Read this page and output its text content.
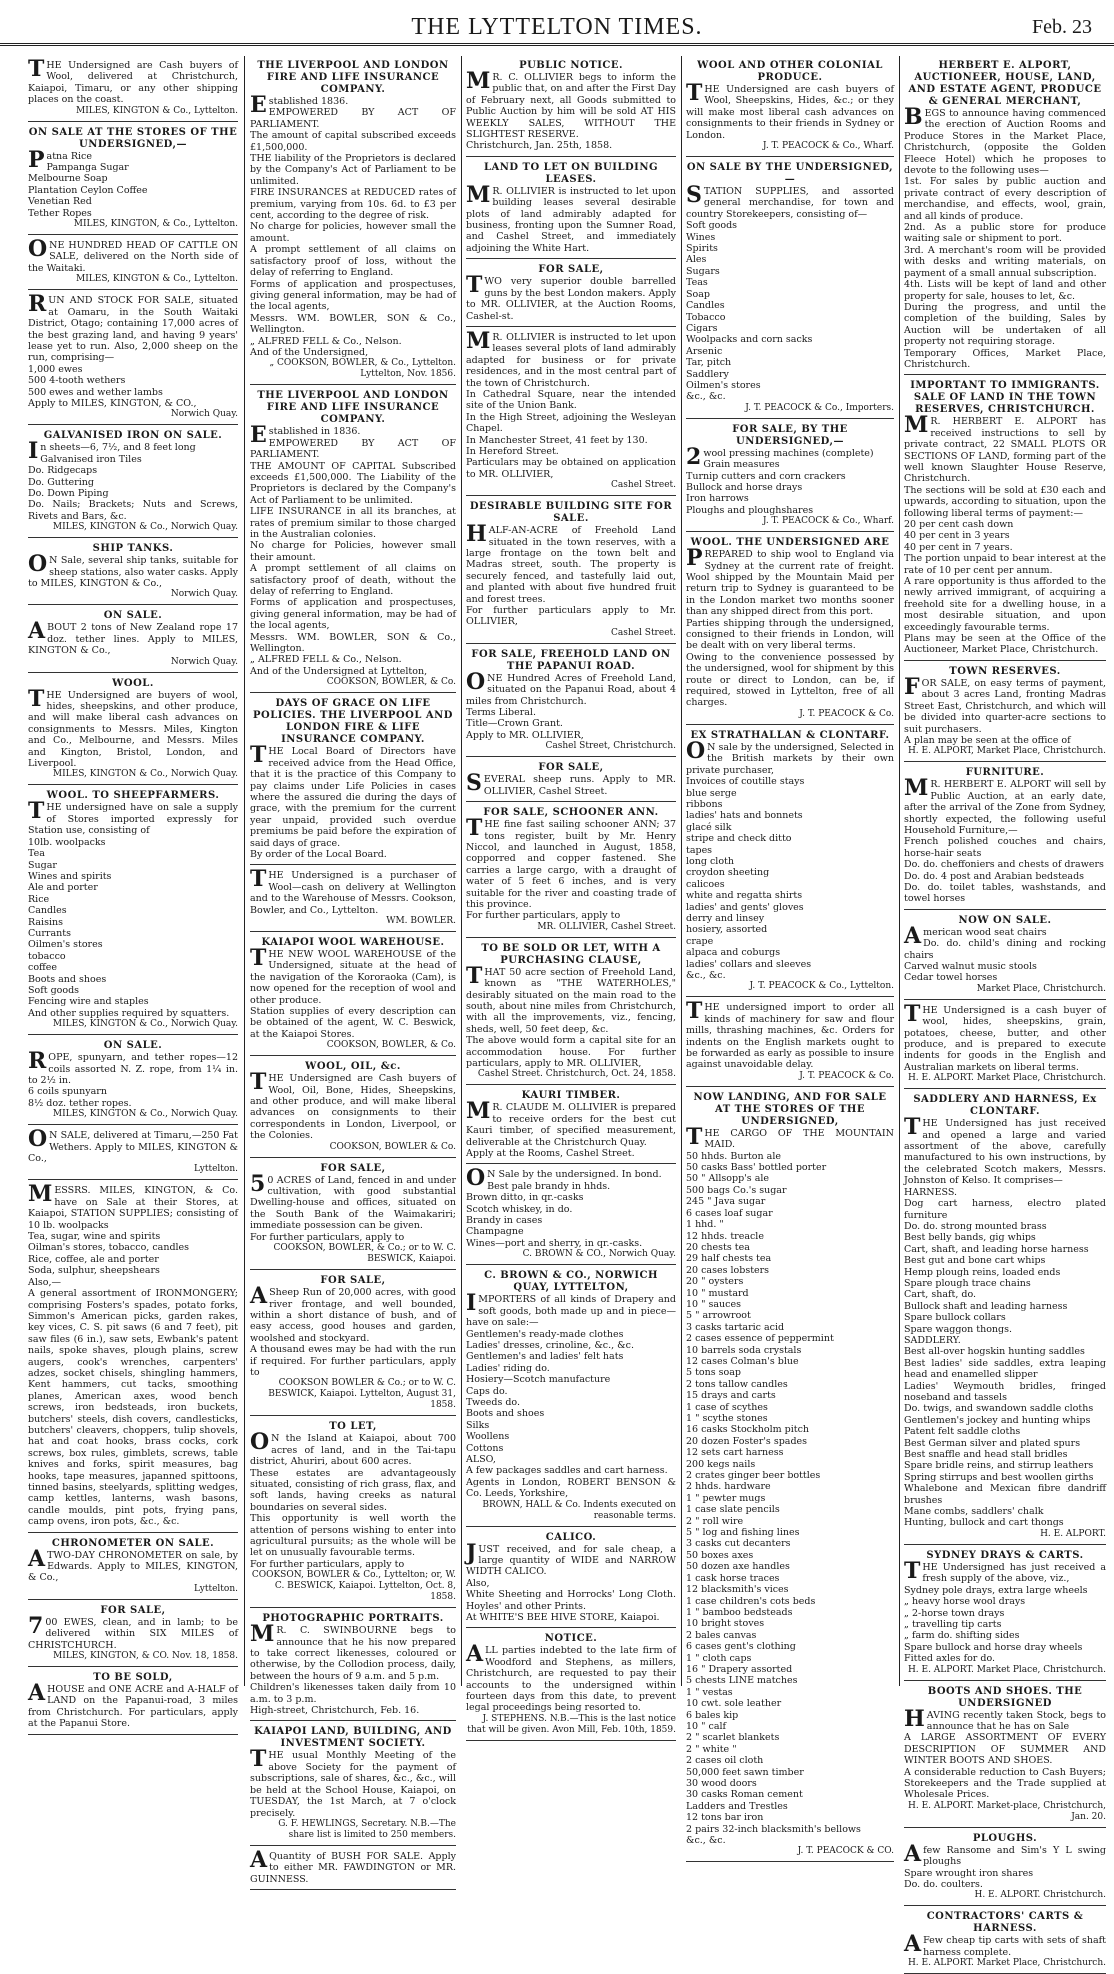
THE LYTTELTON TIMES.	Feb. 23
THE Undersigned are Cash buyers of Wool, delivered at Christchurch, Kaiapoi, Timaru, or any other shipping places on the coast.
MILES, KINGTON & Co., Lyttelton.
ON SALE AT THE STORES OF THE UNDERSIGNED,—
Patna Rice
Pampanga Sugar
Melbourne Soap
Plantation Ceylon Coffee
Venetian Red
Tether Ropes
MILES, KINGTON, & Co., Lyttelton.
ONE HUNDRED HEAD OF CATTLE ON SALE, delivered on the North side of the Waitaki.
MILES, KINGTON & Co., Lyttelton.
RUN AND STOCK FOR SALE, situated at Oamaru, in the South Waitaki District, Otago; containing 17,000 acres of the best grazing land, and having 9 years' lease yet to run. Also, 2,000 sheep on the run, comprising—
1,000 ewes
500 4-tooth wethers
500 ewes and wether lambs
Apply to MILES, KINGTON, & CO.,
Norwich Quay.
GALVANISED IRON ON SALE.
In sheets—6, 7½, and 8 feet long
Galvanised iron Tiles
Do. Ridgecaps
Do. Guttering
Do. Down Piping
Do. Nails; Brackets; Nuts and Screws, Rivets and Bars, &c.
MILES, KINGTON & Co., Norwich Quay.
SHIP TANKS.
ON Sale, several ship tanks, suitable for sheep stations, also water casks. Apply to MILES, KINGTON & Co.,
Norwich Quay.
ON SALE.
ABOUT 2 tons of New Zealand rope 17 doz. tether lines. Apply to MILES, KINGTON & Co.,
Norwich Quay.
WOOL.
THE Undersigned are buyers of wool, hides, sheepskins, and other produce, and will make liberal cash advances on consignments to Messrs. Miles, Kington and Co., Melbourne, and Messrs. Miles and Kington, Bristol, London, and Liverpool.
MILES, KINGTON & Co., Norwich Quay.
WOOL. TO SHEEPFARMERS.
THE undersigned have on sale a supply of Stores imported expressly for Station use, consisting of
10lb. woolpacks
Tea
Sugar
Wines and spirits
Ale and porter
Rice
Candles
Raisins
Currants
Oilmen's stores
tobacco
coffee
Boots and shoes
Soft goods
Fencing wire and staples
And other supplies required by squatters.
MILES, KINGTON & Co., Norwich Quay.
ON SALE.
ROPE, spunyarn, and tether ropes—12 coils assorted N. Z. rope, from 1¼ in. to 2½ in.
6 coils spunyarn
8½ doz. tether ropes.
MILES, KINGTON & Co., Norwich Quay.
ON SALE, delivered at Timaru,—250 Fat Wethers. Apply to MILES, KINGTON & Co.,
Lyttelton.
MESSRS. MILES, KINGTON, & Co. have on Sale at their Stores, at Kaiapoi, STATION SUPPLIES; consisting of 10 lb. woolpacks
Tea, sugar, wine and spirits
Oilman's stores, tobacco, candles
Rice, coffee, ale and porter
Soda, sulphur, sheepshears
Also,—
A general assortment of IRONMONGERY; comprising Fosters's spades, potato forks, Simmon's American picks, garden rakes, key vices, C. S. pit saws (6 and 7 feet), pit saw files (6 in.), saw sets, Ewbank's patent nails, spoke shaves, plough plains, screw augers, cook's wrenches, carpenters' adzes, socket chisels, shingling hammers, Kent hammers, cut tacks, smoothing planes, American axes, wood bench screws, iron bedsteads, iron buckets, butchers' steels, dish covers, candlesticks, butchers' cleavers, choppers, tulip shovels, hat and coat hooks, brass cocks, cork screws, box rules, gimblets, screws, table knives and forks, spirit measures, bag hooks, tape measures, japanned spittoons, tinned basins, steelyards, splitting wedges, camp kettles, lanterns, wash basons, candle moulds, pint pots, frying pans, camp ovens, iron pots, &c., &c.
CHRONOMETER ON SALE.
ATWO-DAY CHRONOMETER on sale, by Edwards. Apply to MILES, KINGTON, & Co.,
Lyttelton.
FOR SALE,
700 EWES, clean, and in lamb; to be delivered within SIX MILES of CHRISTCHURCH.
MILES, KINGTON, & CO. Nov. 18, 1858.
TO BE SOLD,
AHOUSE and ONE ACRE and A-HALF of LAND on the Papanui-road, 3 miles from Christchurch. For particulars, apply at the Papanui Store.
THE LIVERPOOL AND LONDON FIRE AND LIFE INSURANCE COMPANY.
Established 1836.
EMPOWERED BY ACT OF PARLIAMENT.
The amount of capital subscribed exceeds £1,500,000.
THE liability of the Proprietors is declared by the Company's Act of Parliament to be unlimited.
FIRE INSURANCES at REDUCED rates of premium, varying from 10s. 6d. to £3 per cent, according to the degree of risk.
No charge for policies, however small the amount.
A prompt settlement of all claims on satisfactory proof of loss, without the delay of referring to England.
Forms of application and prospectuses, giving general information, may be had of the local agents,
Messrs. WM. BOWLER, SON & Co., Wellington.
„ ALFRED FELL & Co., Nelson.
And of the Undersigned,
„ COOKSON, BOWLER, & Co., Lyttelton. Lyttelton, Nov. 1856.
THE LIVERPOOL AND LONDON FIRE AND LIFE INSURANCE COMPANY.
Established in 1836.
EMPOWERED BY ACT OF PARLIAMENT.
THE AMOUNT OF CAPITAL Subscribed exceeds £1,500,000. The Liability of the Proprietors is declared by the Company's Act of Parliament to be unlimited.
LIFE INSURANCE in all its branches, at rates of premium similar to those charged in the Australian colonies.
No charge for Policies, however small their amount.
A prompt settlement of all claims on satisfactory proof of death, without the delay of referring to England.
Forms of application and prospectuses, giving general information, may be had of the local agents,
Messrs. WM. BOWLER, SON & Co., Wellington.
„ ALFRED FELL & Co., Nelson.
And of the Undersigned at Lyttelton,
COOKSON, BOWLER, & Co.
DAYS OF GRACE ON LIFE POLICIES. THE LIVERPOOL AND LONDON FIRE & LIFE INSURANCE COMPANY.
THE Local Board of Directors have received advice from the Head Office, that it is the practice of this Company to pay claims under Life Policies in cases where the assured die during the days of grace, with the premium for the current year unpaid, provided such overdue premiums be paid before the expiration of said days of grace.
By order of the Local Board.
THE Undersigned is a purchaser of Wool—cash on delivery at Wellington and to the Warehouse of Messrs. Cookson, Bowler, and Co., Lyttelton.
WM. BOWLER.
KAIAPOI WOOL WAREHOUSE.
THE NEW WOOL WAREHOUSE of the Undersigned, situate at the head of the navigation of the Kororaoka (Cam), is now opened for the reception of wool and other produce.
Station supplies of every description can be obtained of the agent, W. C. Beswick, at the Kaiapoi Stores.
COOKSON, BOWLER, & Co.
WOOL, OIL, &c.
THE Undersigned are Cash buyers of Wool, Oil, Bone, Hides, Sheepskins, and other produce, and will make liberal advances on consignments to their correspondents in London, Liverpool, or the Colonies.
COOKSON, BOWLER & Co.
FOR SALE,
50 ACRES of Land, fenced in and under cultivation, with good substantial Dwelling-house and offices, situated on the South Bank of the Waimakariri; immediate possession can be given.
For further particulars, apply to
COOKSON, BOWLER, & Co.; or to W. C. BESWICK, Kaiapoi.
FOR SALE,
ASheep Run of 20,000 acres, with good river frontage, and well bounded, within a short distance of bush, and of easy access, good houses and garden, woolshed and stockyard.
A thousand ewes may be had with the run if required. For further particulars, apply to
COOKSON BOWLER & Co.; or to W. C. BESWICK, Kaiapoi. Lyttelton, August 31, 1858.
TO LET,
ON the Island at Kaiapoi, about 700 acres of land, and in the Tai-tapu district, Ahuriri, about 600 acres.
These estates are advantageously situated, consisting of rich grass, flax, and soft lands, having creeks as natural boundaries on several sides.
This opportunity is well worth the attention of persons wishing to enter into agricultural pursuits; as the whole will be let on unusually favourable terms.
For further particulars, apply to
COOKSON, BOWLER & Co., Lyttelton; or, W. C. BESWICK, Kaiapoi. Lyttelton, Oct. 8, 1858.
PHOTOGRAPHIC PORTRAITS.
MR. C. SWINBOURNE begs to announce that he his now prepared to take correct likenesses, coloured or otherwise, by the Collodion process, daily, between the hours of 9 a.m. and 5 p.m.
Children's likenesses taken daily from 10 a.m. to 3 p.m.
High-street, Christchurch, Feb. 16.
KAIAPOI LAND, BUILDING, AND INVESTMENT SOCIETY.
THE usual Monthly Meeting of the above Society for the payment of subscriptions, sale of shares, &c., &c., will be held at the School House, Kaiapoi, on TUESDAY, the 1st March, at 7 o'clock precisely.
G. F. HEWLINGS, Secretary. N.B.—The share list is limited to 250 members.
AQuantity of BUSH FOR SALE. Apply to either MR. FAWDINGTON or MR. GUINNESS.
PUBLIC NOTICE.
MR. C. OLLIVIER begs to inform the public that, on and after the First Day of February next, all Goods submitted to Public Auction by him will be sold AT HIS WEEKLY SALES, WITHOUT THE SLIGHTEST RESERVE.
Christchurch, Jan. 25th, 1858.
LAND TO LET ON BUILDING LEASES.
MR. OLLIVIER is instructed to let upon building leases several desirable plots of land admirably adapted for business, fronting upon the Sumner Road, and Cashel Street, and immediately adjoining the White Hart.
FOR SALE,
TWO very superior double barrelled guns by the best London makers. Apply to MR. OLLIVIER, at the Auction Rooms, Cashel-st.
MR. OLLIVIER is instructed to let upon leases several plots of land admirably adapted for business or for private residences, and in the most central part of the town of Christchurch.
In Cathedral Square, near the intended site of the Union Bank.
In the High Street, adjoining the Wesleyan Chapel.
In Manchester Street, 41 feet by 130.
In Hereford Street.
Particulars may be obtained on application to MR. OLLIVIER,
Cashel Street.
DESIRABLE BUILDING SITE FOR SALE.
HALF-AN-ACRE of Freehold Land situated in the town reserves, with a large frontage on the town belt and Madras street, south. The property is securely fenced, and tastefully laid out, and planted with about five hundred fruit and forest trees.
For further particulars apply to Mr. OLLIVIER,
Cashel Street.
FOR SALE, FREEHOLD LAND ON THE PAPANUI ROAD.
ONE Hundred Acres of Freehold Land, situated on the Papanui Road, about 4 miles from Christchurch.
Terms Liberal.
Title—Crown Grant.
Apply to MR. OLLIVIER,
Cashel Street, Christchurch.
FOR SALE,
SEVERAL sheep runs. Apply to MR. OLLIVIER, Cashel Street.
FOR SALE, SCHOONER ANN.
THE fine fast sailing schooner ANN; 37 tons register, built by Mr. Henry Niccol, and launched in August, 1858, copporred and copper fastened. She carries a large cargo, with a draught of water of 5 feet 6 inches, and is very suitable for the river and coasting trade of this province.
For further particulars, apply to
MR. OLLIVIER, Cashel Street.
TO BE SOLD OR LET, WITH A PURCHASING CLAUSE,
THAT 50 acre section of Freehold Land, known as "THE WATERHOLES," desirably situated on the main road to the south, about nine miles from Christchurch, with all the improvements, viz., fencing, sheds, well, 50 feet deep, &c.
The above would form a capital site for an accommodation house. For further particulars, apply to MR. OLLIVIER,
Cashel Street. Christchurch, Oct. 24, 1858.
KAURI TIMBER.
MR. CLAUDE M. OLLIVIER is prepared to receive orders for the best cut Kauri timber, of specified measurement, deliverable at the Christchurch Quay.
Apply at the Rooms, Cashel Street.
ON Sale by the undersigned. In bond.
Best pale brandy in hhds.
Brown ditto, in qr.-casks
Scotch whiskey, in do.
Brandy in cases
Champagne
Wines—port and sherry, in qr.-casks.
C. BROWN & CO., Norwich Quay.
C. BROWN & CO., NORWICH QUAY, LYTTELTON,
IMPORTERS of all kinds of Drapery and soft goods, both made up and in piece—have on sale:—
Gentlemen's ready-made clothes
Ladies' dresses, crinoline, &c., &c.
Gentlemen's and ladies' felt hats
Ladies' riding do.
Hosiery—Scotch manufacture
Caps do.
Tweeds do.
Boots and shoes
Silks
Woollens
Cottons
ALSO,
A few packages saddles and cart harness.
Agents in London, ROBERT BENSON & Co. Leeds, Yorkshire,
BROWN, HALL & Co. Indents executed on reasonable terms.
CALICO.
JUST received, and for sale cheap, a large quantity of WIDE and NARROW WIDTH CALICO.
Also,
White Sheeting and Horrocks' Long Cloth. Hoyles' and other Prints.
At WHITE'S BEE HIVE STORE, Kaiapoi.
NOTICE.
ALL parties indebted to the late firm of Woodford and Stephens, as millers, Christchurch, are requested to pay their accounts to the undersigned within fourteen days from this date, to prevent legal proceedings being resorted to.
J. STEPHENS. N.B.—This is the last notice that will be given. Avon Mill, Feb. 10th, 1859.
WOOL AND OTHER COLONIAL PRODUCE.
THE Undersigned are cash buyers of Wool, Sheepskins, Hides, &c.; or they will make most liberal cash advances on consignments to their friends in Sydney or London.
J. T. PEACOCK & Co., Wharf.
ON SALE BY THE UNDERSIGNED,—
STATION SUPPLIES, and assorted general merchandise, for town and country Storekeepers, consisting of—
Soft goods
Wines
Spirits
Ales
Sugars
Teas
Soap
Candles
Tobacco
Cigars
Woolpacks and corn sacks
Arsenic
Tar, pitch
Saddlery
Oilmen's stores
&c., &c.
J. T. PEACOCK & Co., Importers.
FOR SALE, BY THE UNDERSIGNED,—
2wool pressing machines (complete)
Grain measures
Turnip cutters and corn crackers
Bullock and horse drays
Iron harrows
Ploughs and ploughshares
J. T. PEACOCK & Co., Wharf.
WOOL. THE UNDERSIGNED ARE
PREPARED to ship wool to England via Sydney at the current rate of freight. Wool shipped by the Mountain Maid per return trip to Sydney is guaranteed to be in the London market two months sooner than any shipped direct from this port.
Parties shipping through the undersigned, consigned to their friends in London, will be dealt with on very liberal terms.
Owing to the convenience possessed by the undersigned, wool for shipment by this route or direct to London, can be, if required, stowed in Lyttelton, free of all charges.
J. T. PEACOCK & Co.
EX STRATHALLAN & CLONTARF.
ON sale by the undersigned, Selected in the British markets by their own private purchaser,
Invoices of coutille stays
blue serge
ribbons
ladies' hats and bonnets
glacé silk
stripe and check ditto
tapes
long cloth
croydon sheeting
calicoes
white and regatta shirts
ladies' and gents' gloves
derry and linsey
hosiery, assorted
crape
alpaca and coburgs
ladies' collars and sleeves
&c., &c.
J. T. PEACOCK & Co., Lyttelton.
THE undersigned import to order all kinds of machinery for saw and flour mills, thrashing machines, &c. Orders for indents on the English markets ought to be forwarded as early as possible to insure against unavoidable delay.
J. T. PEACOCK & Co.
NOW LANDING, AND FOR SALE AT THE STORES OF THE UNDERSIGNED,
THE CARGO OF THE MOUNTAIN MAID.
50 hhds. Burton ale
50 casks Bass' bottled porter
50 " Allsopp's ale
500 bags Co.'s sugar
245 " Java sugar
6 cases loaf sugar
1 hhd. "
12 hhds. treacle
20 chests tea
29 half chests tea
20 cases lobsters
20 " oysters
10 " mustard
10 " sauces
5 " arrowroot
3 casks tartaric acid
2 cases essence of peppermint
10 barrels soda crystals
12 cases Colman's blue
5 tons soap
2 tons tallow candles
15 drays and carts
1 case of scythes
1 " scythe stones
16 casks Stockholm pitch
20 dozen Foster's spades
12 sets cart harness
200 kegs nails
2 crates ginger beer bottles
2 hhds. hardware
1 " pewter mugs
1 case slate pencils
2 " roll wire
5 " log and fishing lines
3 casks cut decanters
50 boxes axes
50 dozen axe handles
1 cask horse traces
12 blacksmith's vices
1 case children's cots beds
1 " bamboo bedsteads
10 bright stoves
2 bales canvas
6 cases gent's clothing
1 " cloth caps
16 " Drapery assorted
5 chests LINE matches
1 " vestas
10 cwt. sole leather
6 bales kip
10 " calf
2 " scarlet blankets
2 " white "
2 cases oil cloth
50,000 feet sawn timber
30 wood doors
30 casks Roman cement
Ladders and Trestles
12 tons bar iron
2 pairs 32-inch blacksmith's bellows
&c., &c.
J. T. PEACOCK & CO.
HERBERT E. ALPORT, AUCTIONEER, HOUSE, LAND, AND ESTATE AGENT, PRODUCE & GENERAL MERCHANT,
BEGS to announce having commenced the erection of Auction Rooms and Produce Stores in the Market Place, Christchurch, (opposite the Golden Fleece Hotel) which he proposes to devote to the following uses—
1st. For sales by public auction and private contract of every description of merchandise, and effects, wool, grain, and all kinds of produce.
2nd. As a public store for produce waiting sale or shipment to port.
3rd. A merchant's room will be provided with desks and writing materials, on payment of a small annual subscription.
4th. Lists will be kept of land and other property for sale, houses to let, &c.
During the progress, and until the completion of the building, Sales by Auction will be undertaken of all property not requiring storage.
Temporary Offices, Market Place, Christchurch.
IMPORTANT TO IMMIGRANTS. SALE OF LAND IN THE TOWN RESERVES, CHRISTCHURCH.
MR. HERBERT E. ALPORT has received instructions to sell by private contract, 22 SMALL PLOTS OR SECTIONS OF LAND, forming part of the well known Slaughter House Reserve, Christchurch.
The sections will be sold at £30 each and upwards, according to situation, upon the following liberal terms of payment:—
20 per cent cash down
40 per cent in 3 years
40 per cent in 7 years.
The portion unpaid to bear interest at the rate of 10 per cent per annum.
A rare opportunity is thus afforded to the newly arrived immigrant, of acquiring a freehold site for a dwelling house, in a most desirable situation, and upon exceedingly favourable terms.
Plans may be seen at the Office of the Auctioneer, Market Place, Christchurch.
TOWN RESERVES.
FOR SALE, on easy terms of payment, about 3 acres Land, fronting Madras Street East, Christchurch, and which will be divided into quarter-acre sections to suit purchasers.
A plan may be seen at the office of
H. E. ALPORT, Market Place, Christchurch.
FURNITURE.
MR. HERBERT E. ALPORT will sell by Public Auction, at an early date, after the arrival of the Zone from Sydney, shortly expected, the following useful Household Furniture,—
French polished couches and chairs, horse-hair seats
Do. do. cheffoniers and chests of drawers
Do. do. 4 post and Arabian bedsteads
Do. do. toilet tables, washstands, and towel horses
NOW ON SALE.
American wood seat chairs
Do. do. child's dining and rocking chairs
Carved walnut music stools
Cedar towel horses
Market Place, Christchurch.
THE Undersigned is a cash buyer of wool, hides, sheepskins, grain, potatoes, cheese, butter, and other produce, and is prepared to execute indents for goods in the English and Australian markets on liberal terms.
H. E. ALPORT. Market Place, Christchurch.
SADDLERY AND HARNESS, Ex CLONTARF.
THE Undersigned has just received and opened a large and varied assortment of the above, carefully manufactured to his own instructions, by the celebrated Scotch makers, Messrs. Johnston of Kelso. It comprises—
HARNESS.
Dog cart harness, electro plated furniture
Do. do. strong mounted brass
Best belly bands, gig whips
Cart, shaft, and leading horse harness
Best gut and bone cart whips
Hemp plough reins, loaded ends
Spare plough trace chains
Cart, shaft, do.
Bullock shaft and leading harness
Spare bullock collars
Spare waggon thongs.
SADDLERY.
Best all-over hogskin hunting saddles
Best ladies' side saddles, extra leaping head and enamelled slipper
Ladies' Weymouth bridles, fringed noseband and tassels
Do. twigs, and swandown saddle cloths
Gentlemen's jockey and hunting whips
Patent felt saddle cloths
Best German silver and plated spurs
Best snaffle and head stall bridles
Spare bridle reins, and stirrup leathers
Spring stirrups and best woollen girths
Whalebone and Mexican fibre dandriff brushes
Mane combs, saddlers' chalk
Hunting, bullock and cart thongs
H. E. ALPORT.
SYDNEY DRAYS & CARTS.
THE Undersigned has just received a fresh supply of the above, viz.,
Sydney pole drays, extra large wheels
„ heavy horse wool drays
„ 2-horse town drays
„ travelling tip carts
„ farm do. shifting sides
Spare bullock and horse dray wheels
Fitted axles for do.
H. E. ALPORT. Market Place, Christchurch.
BOOTS AND SHOES. THE UNDERSIGNED
HAVING recently taken Stock, begs to announce that he has on Sale
A LARGE ASSORTMENT OF EVERY DESCRIPTION OF SUMMER AND WINTER BOOTS AND SHOES.
A considerable reduction to Cash Buyers; Storekeepers and the Trade supplied at Wholesale Prices.
H. E. ALPORT. Market-place, Christchurch, Jan. 20.
PLOUGHS.
Afew Ransome and Sim's Y L swing ploughs
Spare wrought iron shares
Do. do. coulters.
H. E. ALPORT. Christchurch.
CONTRACTORS' CARTS & HARNESS.
AFew cheap tip carts with sets of shaft harness complete.
H. E. ALPORT. Market Place, Christchurch.
